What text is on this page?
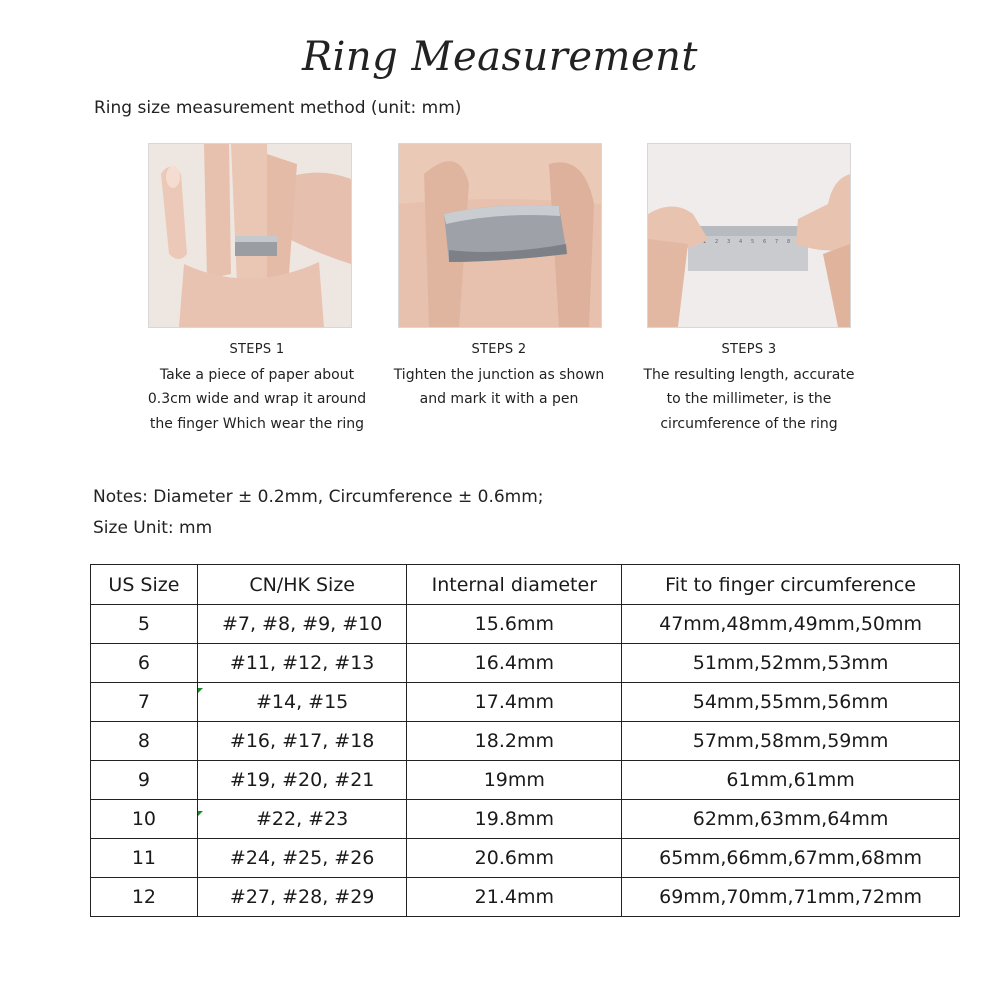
Ring Measurement
Ring size measurement method (unit: mm)
1 2 3 4 5 6 7 8
STEPS 1
Take a piece of paper about
0.3cm wide and wrap it around
the finger Which wear the ring
STEPS 2
Tighten the junction as shown
and mark it with a pen
STEPS 3
The resulting length, accurate
to the millimeter, is the
circumference of the ring
Notes: Diameter ± 0.2mm, Circumference ± 0.6mm;
Size Unit: mm
US Size	CN/HK Size	Internal diameter	Fit to finger circumference
5	#7, #8, #9, #10	15.6mm	47mm,48mm,49mm,50mm
6	#11, #12, #13	16.4mm	51mm,52mm,53mm
7	#14, #15	17.4mm	54mm,55mm,56mm
8	#16, #17, #18	18.2mm	57mm,58mm,59mm
9	#19, #20, #21	19mm	61mm,61mm
10	#22, #23	19.8mm	62mm,63mm,64mm
11	#24, #25, #26	20.6mm	65mm,66mm,67mm,68mm
12	#27, #28, #29	21.4mm	69mm,70mm,71mm,72mm
